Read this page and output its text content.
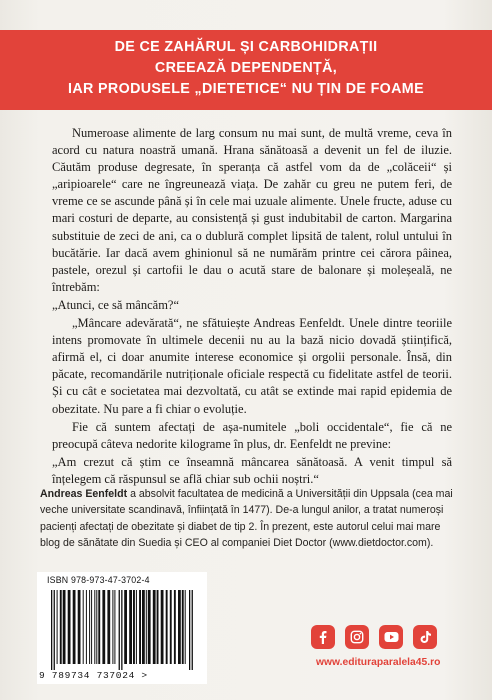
DE CE ZAHĂRUL ȘI CARBOHIDRAȚII
CREEAZĂ DEPENDENȚĂ,
IAR PRODUSELE „DIETETICE“ NU ȚIN DE FOAME

Numeroase alimente de larg consum nu mai sunt, de multă vreme, ceva în acord cu natura noastră umană. Hrana sănătoasă a devenit un fel de iluzie. Căutăm produse degresate, în speranța că astfel vom da de „colăceii“ și „aripioarele“ care ne îngreunează viața. De zahăr cu greu ne putem feri, de vreme ce se ascunde până și în cele mai uzuale alimente. Unele fructe, aduse cu mari costuri de departe, au consistență și gust indubitabil de carton. Margarina substituie de zeci de ani, ca o dublură complet lipsită de talent, rolul untului în bucătărie. Iar dacă avem ghinionul să ne numărăm printre cei cărora pâinea, pastele, orezul și cartofii le dau o acută stare de balonare și moleșeală, ne întrebăm:

„Atunci, ce să mâncăm?“

„Mâncare adevărată“, ne sfătuiește Andreas Eenfeldt. Unele dintre teoriile intens promovate în ultimele decenii nu au la bază nicio dovadă științifică, afirmă el, ci doar anumite interese economice și orgolii personale. Însă, din păcate, recomandările nutriționale oficiale respectă cu fidelitate astfel de teorii. Și cu cât e societatea mai dezvoltată, cu atât se extinde mai rapid epidemia de obezitate. Nu pare a fi chiar o evoluție.

Fie că suntem afectați de așa-numitele „boli occidentale“, fie că ne preocupă câteva nedorite kilograme în plus, dr. Eenfeldt ne previne:

„Am crezut că știm ce înseamnă mâncarea sănătoasă. A venit timpul să înțelegem că răspunsul se află chiar sub ochii noștri.“

Andreas Eenfeldt a absolvit facultatea de medicină a Universității din Uppsala (cea mai veche universitate scandinavă, înființată în 1477). De-a lungul anilor, a tratat numeroși pacienți afectați de obezitate și diabet de tip 2. În prezent, este autorul celui mai mare blog de sănătate din Suedia și CEO al companiei Diet Doctor (www.dietdoctor.com).
ISBN 978-973-47-3702-4
9 789734 737024 >
www.edituraparalela45.ro
